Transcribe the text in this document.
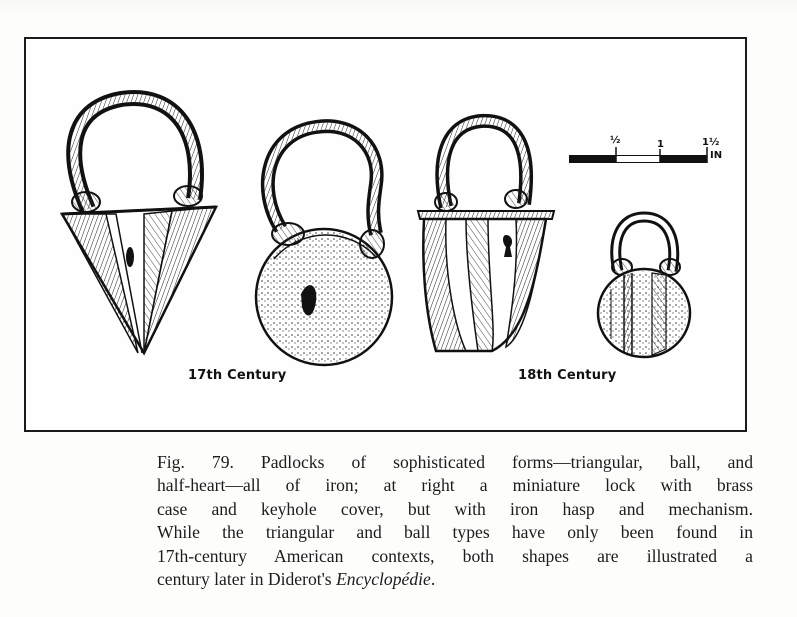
½	1	1½
IN
17th Century	18th Century
Fig. 79. Padlocks of sophisticated forms—triangular, ball, and
half-heart—all of iron; at right a miniature lock with brass
case and keyhole cover, but with iron hasp and mechanism.
While the triangular and ball types have only been found in
17th-century American contexts, both shapes are illustrated a
century later in Diderot's Encyclopédie.
